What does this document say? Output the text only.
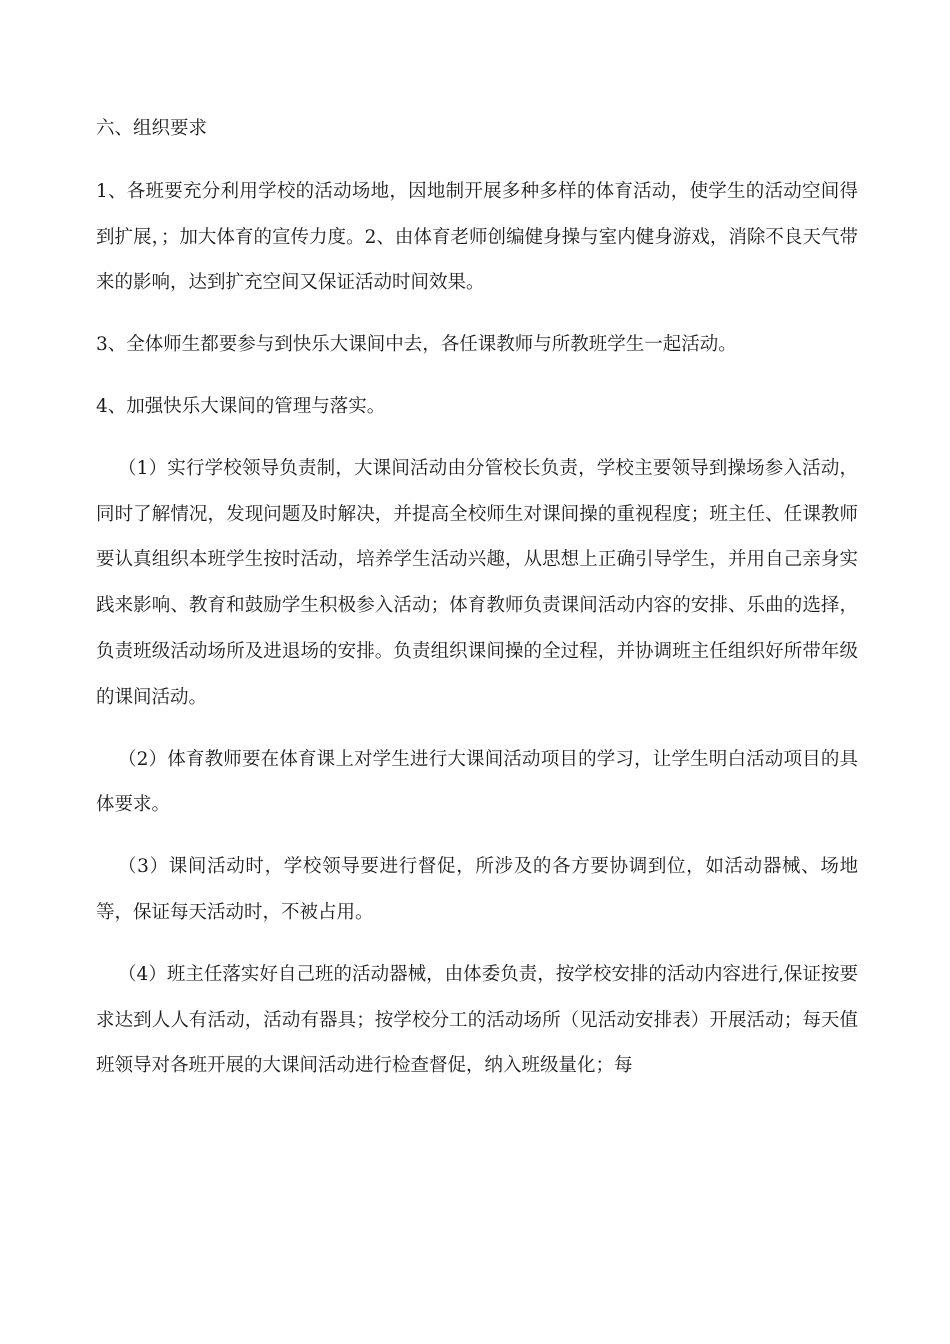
六、组织要求

1、各班要充分利用学校的活动场地，因地制开展多种多样的体育活动，使学生的活动空间得到扩展，；加大体育的宣传力度。2、由体育老师创编健身操与室内健身游戏，消除不良天气带来的影响，达到扩充空间又保证活动时间效果。

3、全体师生都要参与到快乐大课间中去，各任课教师与所教班学生一起活动。

4、加强快乐大课间的管理与落实。

（1）实行学校领导负责制，大课间活动由分管校长负责，学校主要领导到操场参入活动，同时了解情况，发现问题及时解决，并提高全校师生对课间操的重视程度；班主任、任课教师要认真组织本班学生按时活动，培养学生活动兴趣，从思想上正确引导学生，并用自己亲身实践来影响、教育和鼓励学生积极参入活动；体育教师负责课间活动内容的安排、乐曲的选择，负责班级活动场所及进退场的安排。负责组织课间操的全过程，并协调班主任组织好所带年级的课间活动。

（2）体育教师要在体育课上对学生进行大课间活动项目的学习，让学生明白活动项目的具体要求。

（3）课间活动时，学校领导要进行督促，所涉及的各方要协调到位，如活动器械、场地等，保证每天活动时，不被占用。

（4）班主任落实好自己班的活动器械，由体委负责，按学校安排的活动内容进行,保证按要求达到人人有活动，活动有器具；按学校分工的活动场所（见活动安排表）开展活动；每天值班领导对各班开展的大课间活动进行检查督促，纳入班级量化；每
